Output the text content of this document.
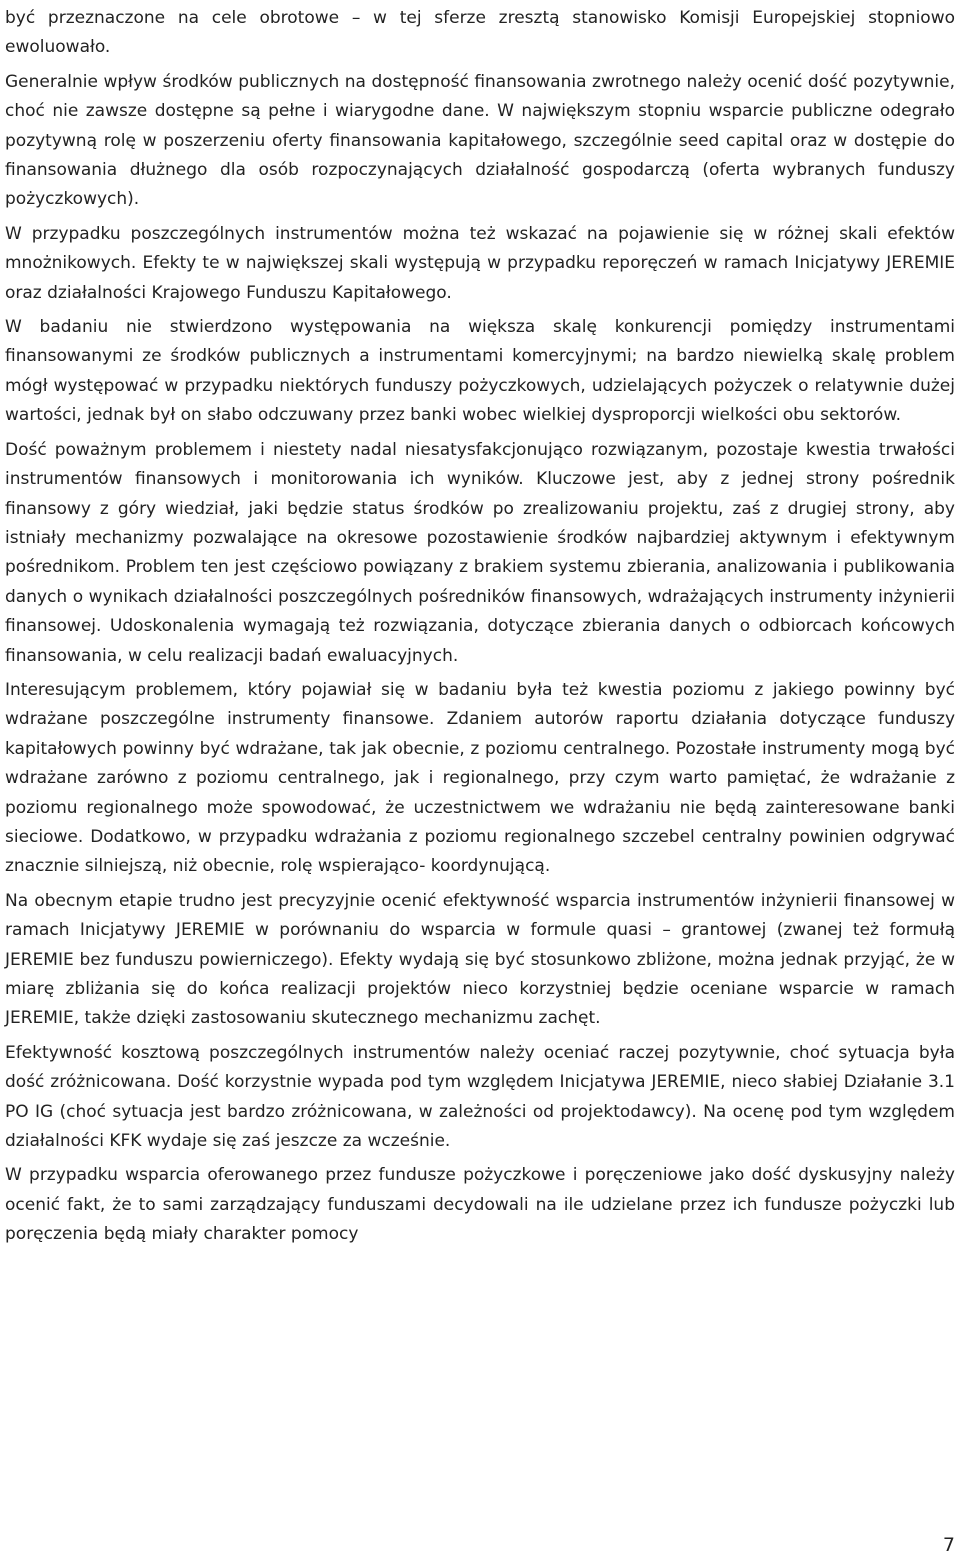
być przeznaczone na cele obrotowe – w tej sferze zresztą stanowisko Komisji Europejskiej stopniowo ewoluowało.

Generalnie wpływ środków publicznych na dostępność finansowania zwrotnego należy ocenić dość pozytywnie, choć nie zawsze dostępne są pełne i wiarygodne dane. W największym stopniu wsparcie publiczne odegrało pozytywną rolę w poszerzeniu oferty finansowania kapitałowego, szczególnie seed capital oraz w dostępie do finansowania dłużnego dla osób rozpoczynających działalność gospodarczą (oferta wybranych funduszy pożyczkowych).

W przypadku poszczególnych instrumentów można też wskazać na pojawienie się w różnej skali efektów mnożnikowych. Efekty te w największej skali występują w przypadku reporęczeń w ramach Inicjatywy JEREMIE oraz działalności Krajowego Funduszu Kapitałowego.

W badaniu nie stwierdzono występowania na większa skalę konkurencji pomiędzy instrumentami finansowanymi ze środków publicznych a instrumentami komercyjnymi; na bardzo niewielką skalę problem mógł występować w przypadku niektórych funduszy pożyczkowych, udzielających pożyczek o relatywnie dużej wartości, jednak był on słabo odczuwany przez banki wobec wielkiej dysproporcji wielkości obu sektorów.

Dość poważnym problemem i niestety nadal niesatysfakcjonująco rozwiązanym, pozostaje kwestia trwałości instrumentów finansowych i monitorowania ich wyników. Kluczowe jest, aby z jednej strony pośrednik finansowy z góry wiedział, jaki będzie status środków po zrealizowaniu projektu, zaś z drugiej strony, aby istniały mechanizmy pozwalające na okresowe pozostawienie środków najbardziej aktywnym i efektywnym pośrednikom. Problem ten jest częściowo powiązany z brakiem systemu zbierania, analizowania i publikowania danych o wynikach działalności poszczególnych pośredników finansowych, wdrażających instrumenty inżynierii finansowej. Udoskonalenia wymagają też rozwiązania, dotyczące zbierania danych o odbiorcach końcowych finansowania, w celu realizacji badań ewaluacyjnych.

Interesującym problemem, który pojawiał się w badaniu była też kwestia poziomu z jakiego powinny być wdrażane poszczególne instrumenty finansowe. Zdaniem autorów raportu działania dotyczące funduszy kapitałowych powinny być wdrażane, tak jak obecnie, z poziomu centralnego. Pozostałe instrumenty mogą być wdrażane zarówno z poziomu centralnego, jak i regionalnego, przy czym warto pamiętać, że wdrażanie z poziomu regionalnego może spowodować, że uczestnictwem we wdrażaniu nie będą zainteresowane banki sieciowe. Dodatkowo, w przypadku wdrażania z poziomu regionalnego szczebel centralny powinien odgrywać znacznie silniejszą, niż obecnie, rolę wspierająco- koordynującą.

Na obecnym etapie trudno jest precyzyjnie ocenić efektywność wsparcia instrumentów inżynierii finansowej w ramach Inicjatywy JEREMIE w porównaniu do wsparcia w formule quasi – grantowej (zwanej też formułą JEREMIE bez funduszu powierniczego). Efekty wydają się być stosunkowo zbliżone, można jednak przyjąć, że w miarę zbliżania się do końca realizacji projektów nieco korzystniej będzie oceniane wsparcie w ramach JEREMIE, także dzięki zastosowaniu skutecznego mechanizmu zachęt.

Efektywność kosztową poszczególnych instrumentów należy oceniać raczej pozytywnie, choć sytuacja była dość zróżnicowana. Dość korzystnie wypada pod tym względem Inicjatywa JEREMIE, nieco słabiej Działanie 3.1 PO IG (choć sytuacja jest bardzo zróżnicowana, w zależności od projektodawcy). Na ocenę pod tym względem działalności KFK wydaje się zaś jeszcze za wcześnie.

W przypadku wsparcia oferowanego przez fundusze pożyczkowe i poręczeniowe jako dość dyskusyjny należy ocenić fakt, że to sami zarządzający funduszami decydowali na ile udzielane przez ich fundusze pożyczki lub poręczenia będą miały charakter pomocy

7
